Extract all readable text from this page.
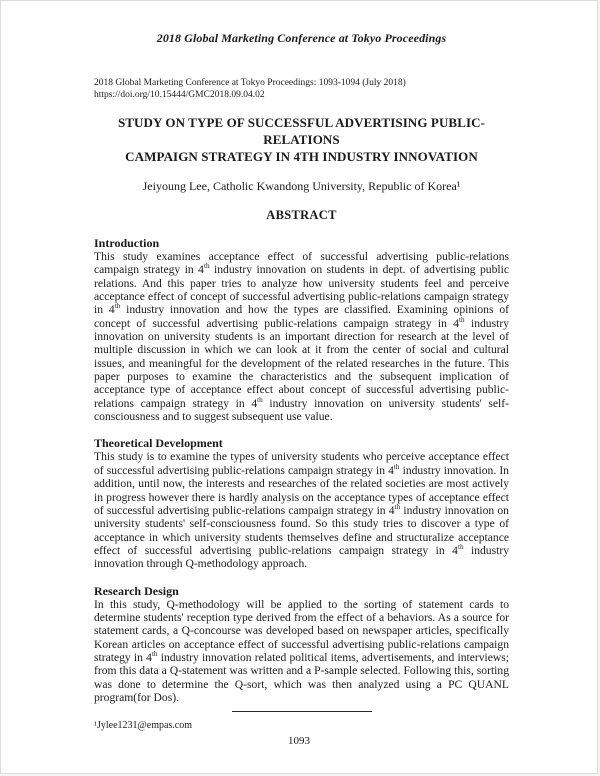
2018 Global Marketing Conference at Tokyo Proceedings
2018 Global Marketing Conference at Tokyo Proceedings: 1093-1094 (July 2018)
https://doi.org/10.15444/GMC2018.09.04.02
STUDY ON TYPE OF SUCCESSFUL ADVERTISING PUBLIC-RELATIONS
CAMPAIGN STRATEGY IN 4TH INDUSTRY INNOVATION
Jeiyoung Lee, Catholic Kwandong University, Republic of Korea¹
ABSTRACT
Introduction

This study examines acceptance effect of successful advertising public-relations campaign strategy in 4th industry innovation on students in dept. of advertising public relations. And this paper tries to analyze how university students feel and perceive acceptance effect of concept of successful advertising public-relations campaign strategy in 4th industry innovation and how the types are classified. Examining opinions of concept of successful advertising public-relations campaign strategy in 4th industry innovation on university students is an important direction for research at the level of multiple discussion in which we can look at it from the center of social and cultural issues, and meaningful for the development of the related researches in the future. This paper purposes to examine the characteristics and the subsequent implication of acceptance type of acceptance effect about concept of successful advertising public-relations campaign strategy in 4th industry innovation on university students' self-consciousness and to suggest subsequent use value.

Theoretical Development

This study is to examine the types of university students who perceive acceptance effect of successful advertising public-relations campaign strategy in 4th industry innovation. In addition, until now, the interests and researches of the related societies are most actively in progress however there is hardly analysis on the acceptance types of acceptance effect of successful advertising public-relations campaign strategy in 4th industry innovation on university students' self-consciousness found. So this study tries to discover a type of acceptance in which university students themselves define and structuralize acceptance effect of successful advertising public-relations campaign strategy in 4th industry innovation through Q-methodology approach.

Research Design

In this study, Q-methodology will be applied to the sorting of statement cards to determine students' reception type derived from the effect of a behaviors. As a source for statement cards, a Q-concourse was developed based on newspaper articles, specifically Korean articles on acceptance effect of successful advertising public-relations campaign strategy in 4th industry innovation related political items, advertisements, and interviews; from this data a Q-statement was written and a P-sample selected. Following this, sorting was done to determine the Q-sort, which was then analyzed using a PC QUANL program(for Dos).

¹Jylee1231@empas.com
1093
